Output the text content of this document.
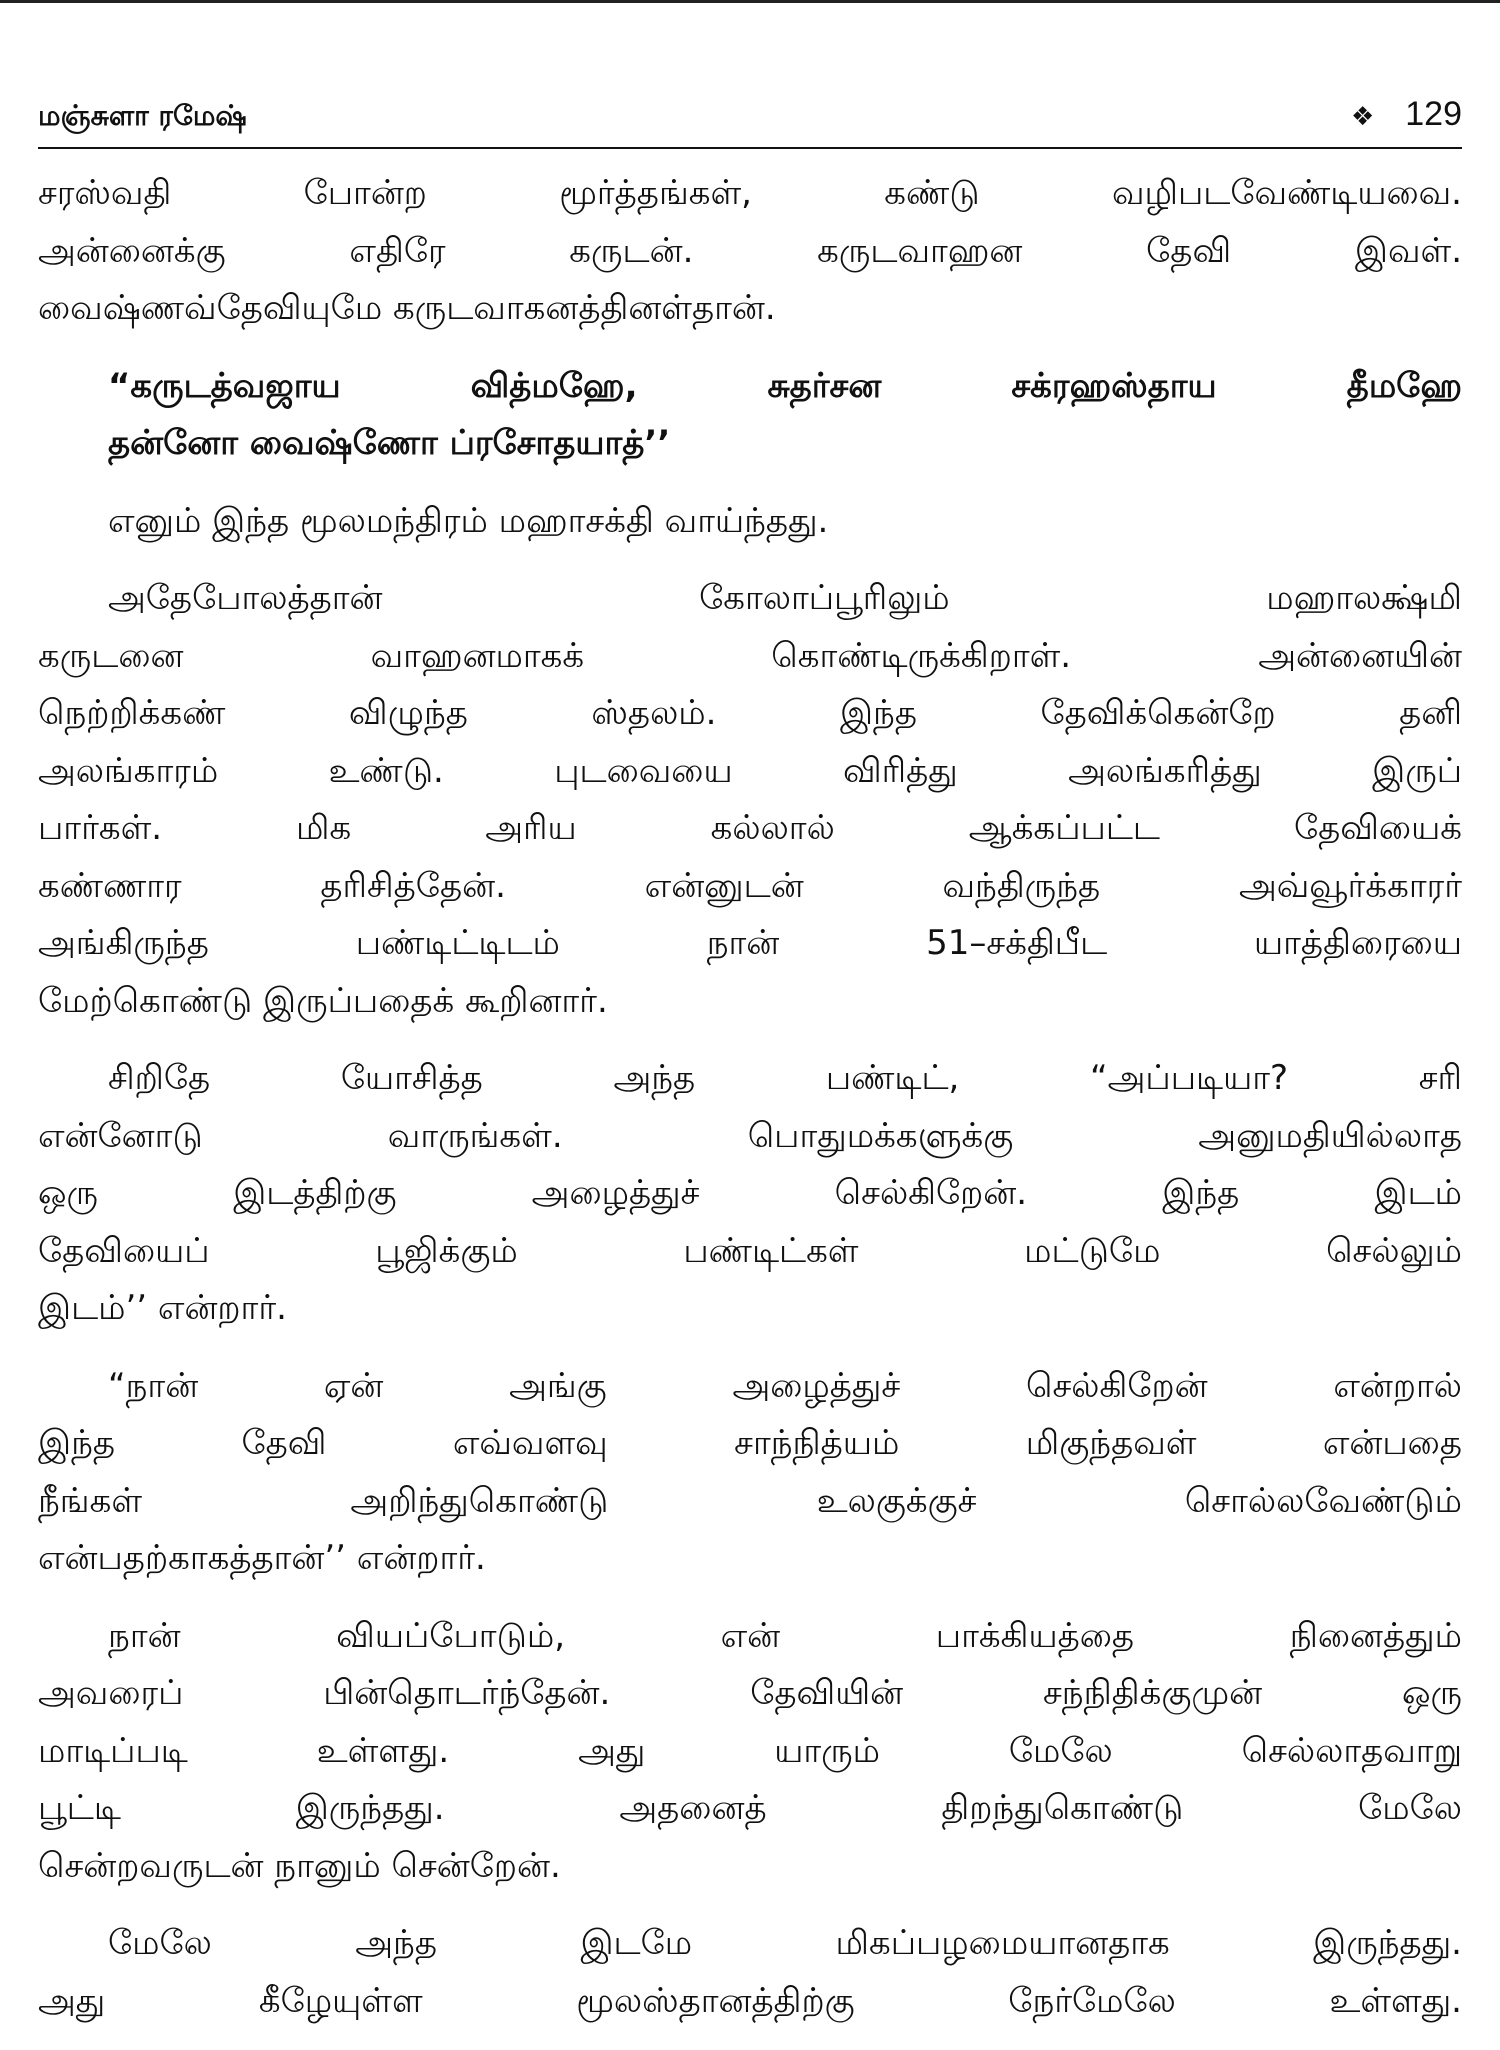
மஞ்சுளா ரமேஷ்	❖ 129
சரஸ்வதி போன்ற மூர்த்தங்கள், கண்டு வழிபடவேண்டியவை.
அன்னைக்கு எதிரே கருடன். கருடவாஹன தேவி இவள்.
வைஷ்ணவ்தேவியுமே கருடவாகனத்தினள்தான்.
“கருடத்வஜாய வித்மஹே, சுதர்சன சக்ரஹஸ்தாய தீமஹே
தன்னோ வைஷ்ணோ ப்ரசோதயாத்’’
எனும் இந்த மூலமந்திரம் மஹாசக்தி வாய்ந்தது.
அதேபோலத்தான் கோலாப்பூரிலும் மஹாலக்ஷ்மி
கருடனை வாஹனமாகக் கொண்டிருக்கிறாள். அன்னையின்
நெற்றிக்கண் விழுந்த ஸ்தலம். இந்த தேவிக்கென்றே தனி
அலங்காரம் உண்டு. புடவையை விரித்து அலங்கரித்து இருப்
பார்கள். மிக அரிய கல்லால் ஆக்கப்பட்ட தேவியைக்
கண்ணார தரிசித்தேன். என்னுடன் வந்திருந்த அவ்வூர்க்காரர்
அங்கிருந்த பண்டிட்டிடம் நான் 51–சக்திபீட யாத்திரையை
மேற்கொண்டு இருப்பதைக் கூறினார்.
சிறிதே யோசித்த அந்த பண்டிட், “அப்படியா? சரி
என்னோடு வாருங்கள். பொதுமக்களுக்கு அனுமதியில்லாத
ஒரு இடத்திற்கு அழைத்துச் செல்கிறேன். இந்த இடம்
தேவியைப் பூஜிக்கும் பண்டிட்கள் மட்டுமே செல்லும்
இடம்’’ என்றார்.
“நான் ஏன் அங்கு அழைத்துச் செல்கிறேன் என்றால்
இந்த தேவி எவ்வளவு சாந்நித்யம் மிகுந்தவள் என்பதை
நீங்கள் அறிந்துகொண்டு உலகுக்குச் சொல்லவேண்டும்
என்பதற்காகத்தான்’’ என்றார்.
நான் வியப்போடும், என் பாக்கியத்தை நினைத்தும்
அவரைப் பின்தொடர்ந்தேன். தேவியின் சந்நிதிக்குமுன் ஒரு
மாடிப்படி உள்ளது. அது யாரும் மேலே செல்லாதவாறு
பூட்டி இருந்தது. அதனைத் திறந்துகொண்டு மேலே
சென்றவருடன் நானும் சென்றேன்.
மேலே அந்த இடமே மிகப்பழமையானதாக இருந்தது.
அது கீழேயுள்ள மூலஸ்தானத்திற்கு நேர்மேலே உள்ளது.
